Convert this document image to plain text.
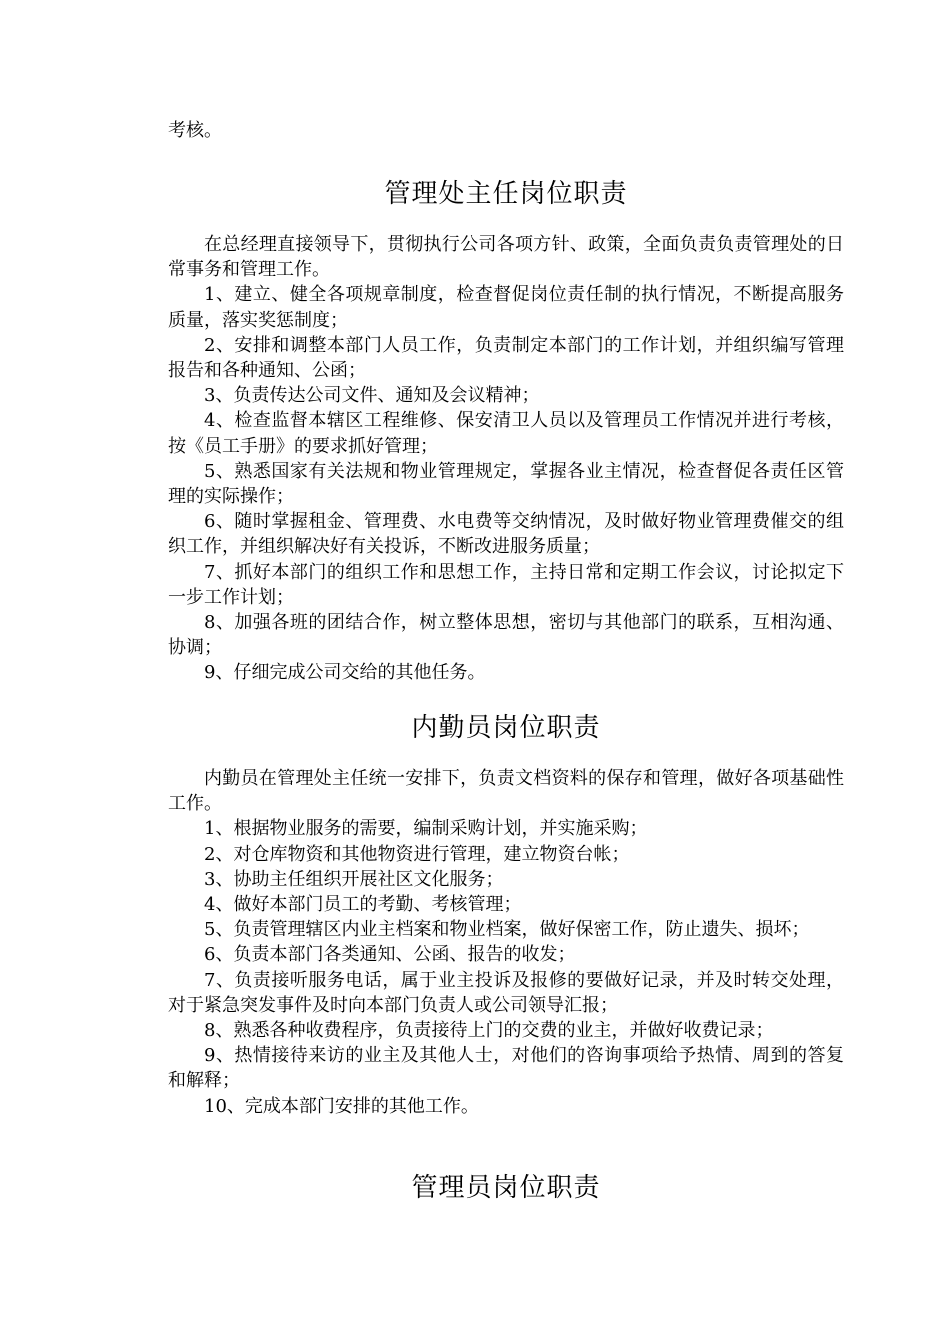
考核。

管理处主任岗位职责

在总经理直接领导下，贯彻执行公司各项方针、政策，全面负责负责管理处的日常事务和管理工作。

1、建立、健全各项规章制度，检查督促岗位责任制的执行情况，不断提高服务质量，落实奖惩制度；

2、安排和调整本部门人员工作，负责制定本部门的工作计划，并组织编写管理报告和各种通知、公函；

3、负责传达公司文件、通知及会议精神；

4、检查监督本辖区工程维修、保安清卫人员以及管理员工作情况并进行考核，按《员工手册》的要求抓好管理；

5、熟悉国家有关法规和物业管理规定，掌握各业主情况，检查督促各责任区管理的实际操作；

6、随时掌握租金、管理费、水电费等交纳情况，及时做好物业管理费催交的组织工作，并组织解决好有关投诉，不断改进服务质量；

7、抓好本部门的组织工作和思想工作，主持日常和定期工作会议，讨论拟定下一步工作计划；

8、加强各班的团结合作，树立整体思想，密切与其他部门的联系，互相沟通、协调；

9、仔细完成公司交给的其他任务。

内勤员岗位职责

内勤员在管理处主任统一安排下，负责文档资料的保存和管理，做好各项基础性工作。

1、根据物业服务的需要，编制采购计划，并实施采购；

2、对仓库物资和其他物资进行管理，建立物资台帐；

3、协助主任组织开展社区文化服务；

4、做好本部门员工的考勤、考核管理；

5、负责管理辖区内业主档案和物业档案，做好保密工作，防止遗失、损坏；

6、负责本部门各类通知、公函、报告的收发；

7、负责接听服务电话，属于业主投诉及报修的要做好记录，并及时转交处理，对于紧急突发事件及时向本部门负责人或公司领导汇报；

8、熟悉各种收费程序，负责接待上门的交费的业主，并做好收费记录；

9、热情接待来访的业主及其他人士，对他们的咨询事项给予热情、周到的答复和解释；

10、完成本部门安排的其他工作。

管理员岗位职责
